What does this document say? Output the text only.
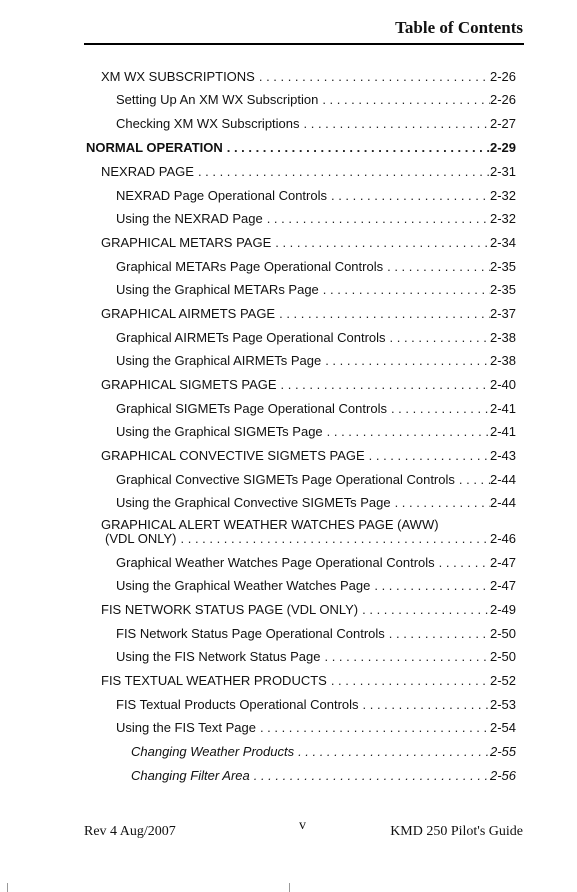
Table of Contents
XM WX SUBSCRIPTIONS .....	2-26
Setting Up An XM WX Subscription .....	2-26
Checking XM WX Subscriptions .....	2-27
NORMAL OPERATION .....	2-29
NEXRAD PAGE .....	2-31
NEXRAD Page Operational Controls .....	2-32
Using the NEXRAD Page .....	2-32
GRAPHICAL METARS PAGE .....	2-34
Graphical METARs Page Operational Controls .....	2-35
Using the Graphical METARs Page .....	2-35
GRAPHICAL AIRMETS PAGE .....	2-37
Graphical AIRMETs Page Operational Controls .....	2-38
Using the Graphical AIRMETs Page .....	2-38
GRAPHICAL SIGMETS PAGE .....	2-40
Graphical SIGMETs Page Operational Controls .....	2-41
Using the Graphical SIGMETs Page .....	2-41
GRAPHICAL CONVECTIVE SIGMETS PAGE .....	2-43
Graphical Convective SIGMETs Page Operational Controls .....	2-44
Using the Graphical Convective SIGMETs Page .....	2-44
GRAPHICAL ALERT WEATHER WATCHES PAGE (AWW)
(VDL ONLY) .....	2-46
Graphical Weather Watches Page Operational Controls .....	2-47
Using the Graphical Weather Watches Page .....	2-47
FIS NETWORK STATUS PAGE (VDL ONLY) .....	2-49
FIS Network Status Page Operational Controls .....	2-50
Using the FIS Network Status Page .....	2-50
FIS TEXTUAL WEATHER PRODUCTS .....	2-52
FIS Textual Products Operational Controls .....	2-53
Using the FIS Text Page .....	2-54
Changing Weather Products .....	2-55
Changing Filter Area .....	2-56
Rev 4 Aug/2007	v	KMD 250 Pilot's Guide
